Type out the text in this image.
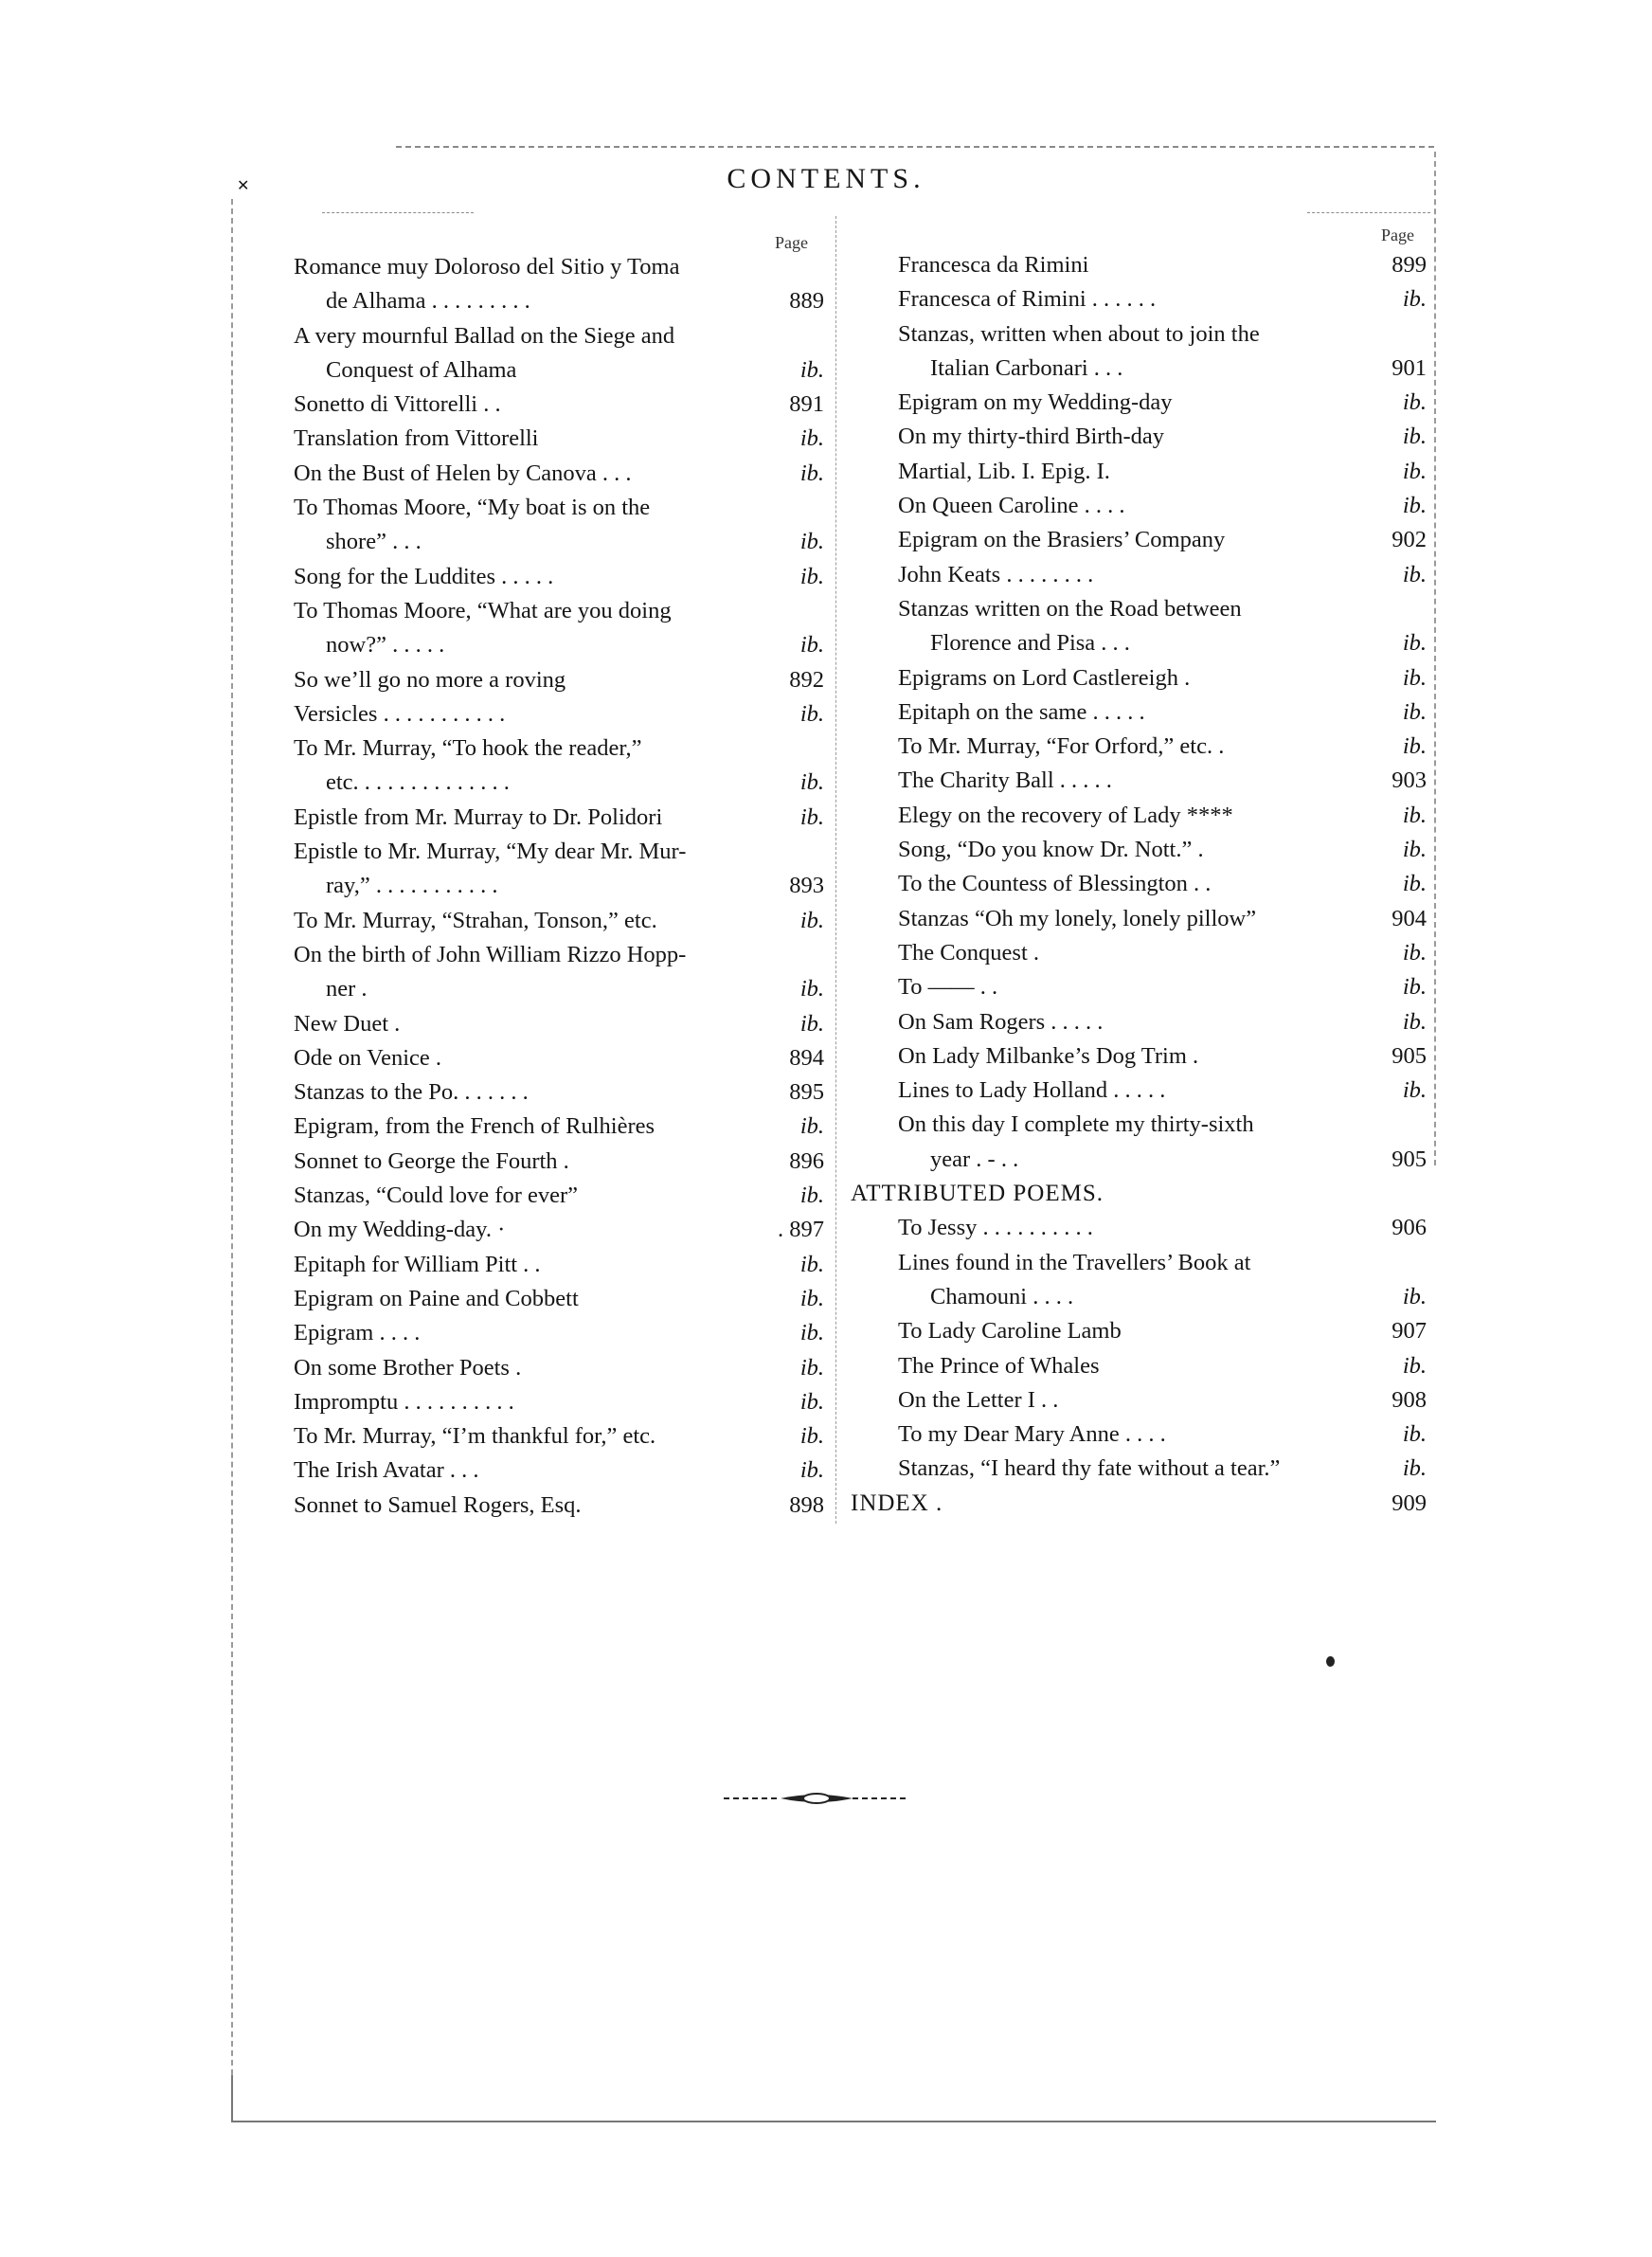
✕	CONTENTS.
Page	Page
Romance muy Doloroso del Sitio y Toma
de Alhama . . . . . . . . .	889
A very mournful Ballad on the Siege and
Conquest of Alhama	ib.
Sonetto di Vittorelli . .	891
Translation from Vittorelli	ib.
On the Bust of Helen by Canova . . .	ib.
To Thomas Moore, “My boat is on the
shore” . . .	ib.
Song for the Luddites . . . . .	ib.
To Thomas Moore, “What are you doing
now?” . . . . .	ib.
So we’ll go no more a roving	892
Versicles . . . . . . . . . . .	ib.
To Mr. Murray, “To hook the reader,”
etc. . . . . . . . . . . . . .	ib.
Epistle from Mr. Murray to Dr. Polidori	ib.
Epistle to Mr. Murray, “My dear Mr. Mur-
ray,” . . . . . . . . . . .	893
To Mr. Murray, “Strahan, Tonson,” etc.	ib.
On the birth of John William Rizzo Hopp-
ner .	ib.
New Duet .	ib.
Ode on Venice .	894
Stanzas to the Po. . . . . . .	895
Epigram, from the French of Rulhières	ib.
Sonnet to George the Fourth .	896
Stanzas, “Could love for ever”	ib.
On my Wedding-day. ·	. 897
Epitaph for William Pitt . .	ib.
Epigram on Paine and Cobbett	ib.
Epigram . . . .	ib.
On some Brother Poets .	ib.
Impromptu . . . . . . . . . .	ib.
To Mr. Murray, “I’m thankful for,” etc.	ib.
The Irish Avatar . . .	ib.
Sonnet to Samuel Rogers, Esq.	898
Francesca da Rimini	899
Francesca of Rimini . . . . . .	ib.
Stanzas, written when about to join the
Italian Carbonari . . .	901
Epigram on my Wedding-day	ib.
On my thirty-third Birth-day	ib.
Martial, Lib. I. Epig. I.	ib.
On Queen Caroline . . . .	ib.
Epigram on the Brasiers’ Company	902
John Keats . . . . . . . .	ib.
Stanzas written on the Road between
Florence and Pisa . . .	ib.
Epigrams on Lord Castlereigh .	ib.
Epitaph on the same . . . . .	ib.
To Mr. Murray, “For Orford,” etc. .	ib.
The Charity Ball . . . . .	903
Elegy on the recovery of Lady ****	ib.
Song, “Do you know Dr. Nott.” .	ib.
To the Countess of Blessington . .	ib.
Stanzas “Oh my lonely, lonely pillow”	904
The Conquest .	ib.
To —— . .	ib.
On Sam Rogers . . . . .	ib.
On Lady Milbanke’s Dog Trim .	905
Lines to Lady Holland . . . . .	ib.
On this day I complete my thirty-sixth
year . - . .	905
ATTRIBUTED POEMS.
To Jessy . . . . . . . . . .	906
Lines found in the Travellers’ Book at
Chamouni . . . .	ib.
To Lady Caroline Lamb	907
The Prince of Whales	ib.
On the Letter I . .	908
To my Dear Mary Anne . . . .	ib.
Stanzas, “I heard thy fate without a tear.”	ib.
INDEX .	909
